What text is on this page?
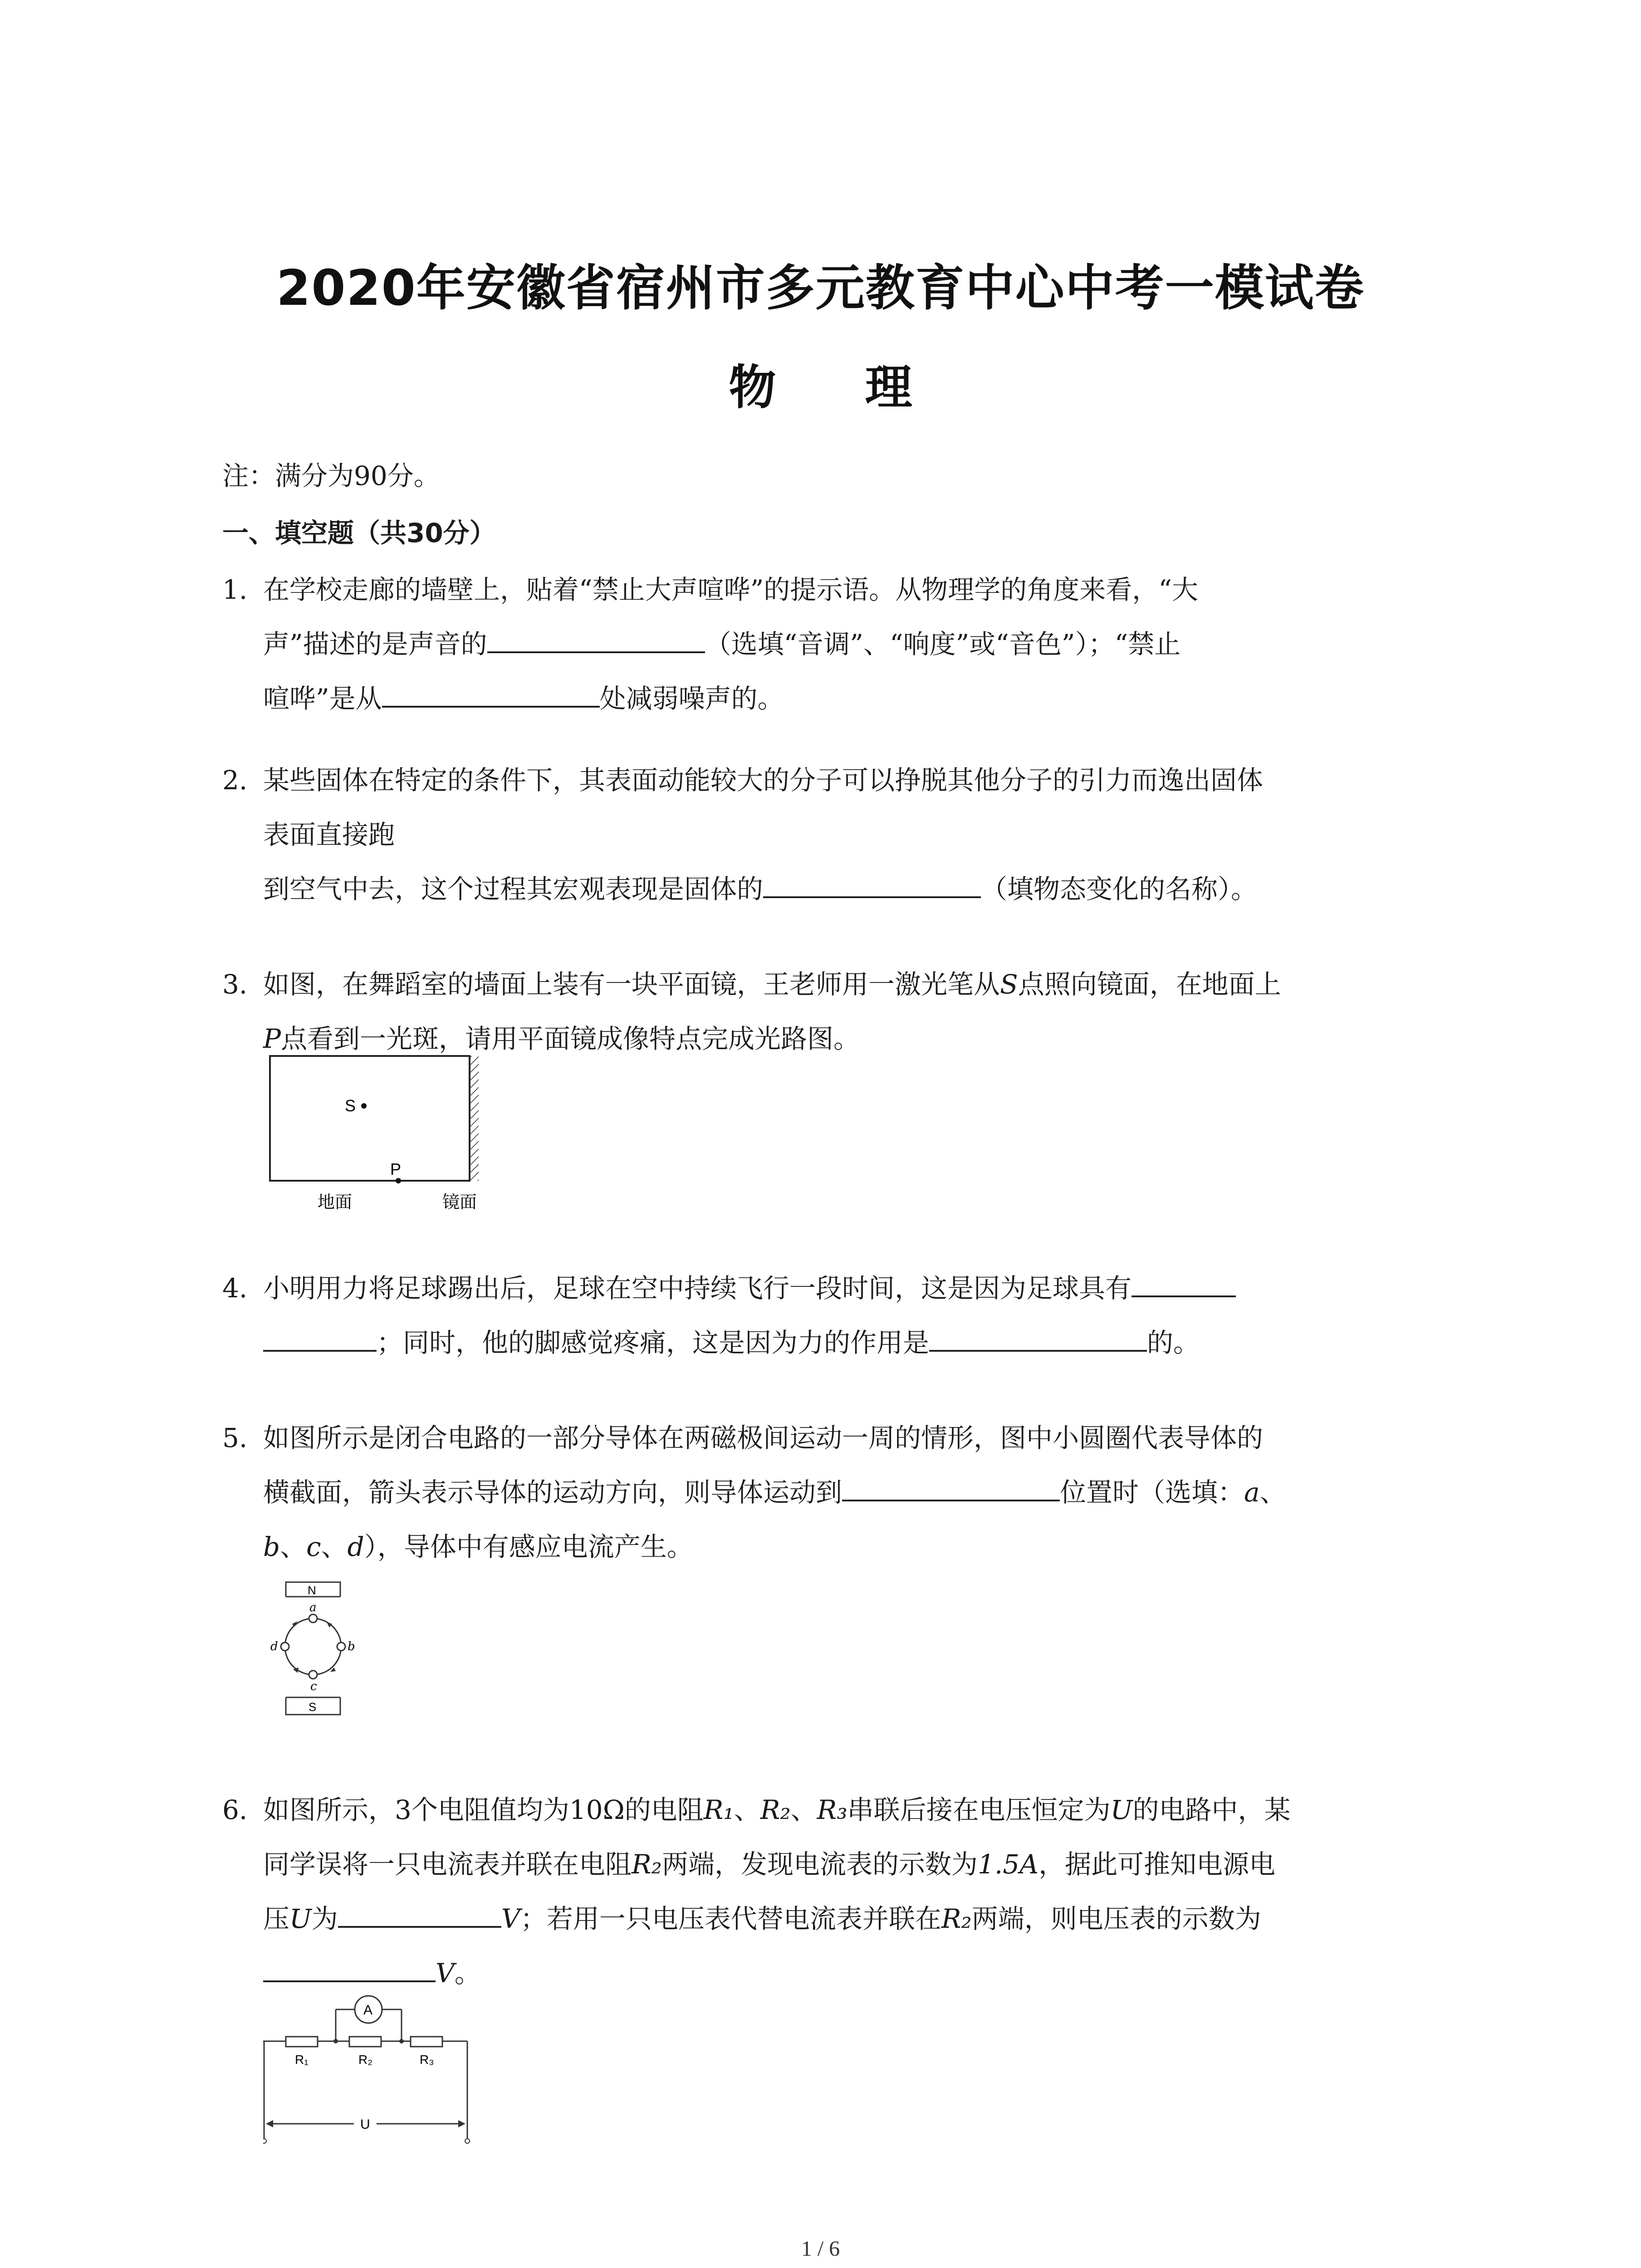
2020年安徽省宿州市多元教育中心中考一模试卷
物 理
注：满分为90分。
一、填空题（共30分）
1. 在学校走廊的墙壁上，贴着“禁止大声喧哗”的提示语。从物理学的角度来看，“大
声”描述的是声音的	（选填“音调”、“响度”或“音色”）；“禁止
喧哗”是从	处减弱噪声的。
2. 某些固体在特定的条件下，其表面动能较大的分子可以挣脱其他分子的引力而逸出固体
表面直接跑
到空气中去，这个过程其宏观表现是固体的	（填物态变化的名称）。
3. 如图，在舞蹈室的墙面上装有一块平面镜，王老师用一激光笔从S点照向镜面，在地面上
P点看到一光斑，请用平面镜成像特点完成光路图。
S
P
地面	镜面
4. 小明用力将足球踢出后，足球在空中持续飞行一段时间，这是因为足球具有
；同时，他的脚感觉疼痛，这是因为力的作用是	的。
5. 如图所示是闭合电路的一部分导体在两磁极间运动一周的情形，图中小圆圈代表导体的
横截面，箭头表示导体的运动方向，则导体运动到	位置时（选填：a、
b、c、d），导体中有感应电流产生。
N
a
b
c
d
S
6. 如图所示，3个电阻值均为10Ω的电阻R₁、R₂、R₃串联后接在电压恒定为U的电路中，某
同学误将一只电流表并联在电阻R₂两端，发现电流表的示数为1.5A，据此可推知电源电
压U为	V；若用一只电压表代替电流表并联在R₂两端，则电压表的示数为
V。
A
R₁	R₂	R₃
U
1 / 6
